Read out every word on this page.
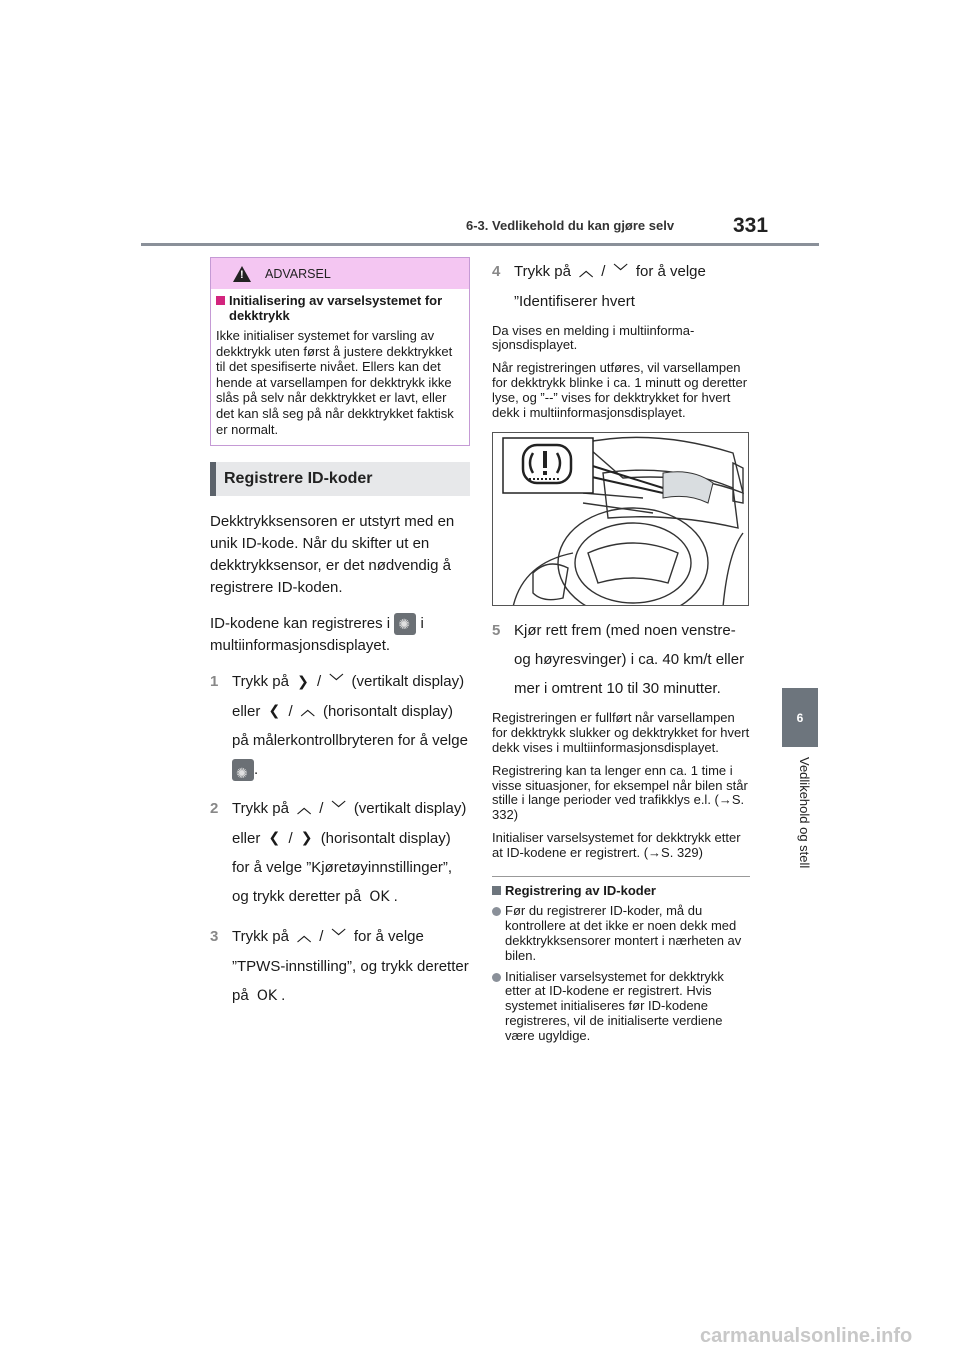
6-3. Vedlikehold du kan gjøre selv	331
6
Vedlikehold og stell
!
ADVARSEL
Initialisering av varselsystemet for dekktrykk
Ikke initialiser systemet for varsling av dekktrykk uten først å justere dekktrykket til det spesifiserte nivået. Ellers kan det hende at varsellampen for dekktrykk ikke slås på selv når dekktrykket er lavt, eller det kan slå seg på når dekktrykket faktisk er normalt.
Registrere ID-koder
Dekktrykksensoren er utstyrt med en unik ID-kode. Når du skifter ut en dekktrykksensor, er det nødvendig å registrere ID-koden.
ID-kodene kan registreres i ✺ i multiinformasjonsdisplayet.
1 Trykk på ❯ / ﹀ (vertikalt display) eller ❮ / ︿ (horisontalt display) på målerkontrollbryteren for å velge ✺.
2 Trykk på ︿ / ﹀ (vertikalt display) eller ❮ / ❯ (horisontalt display) for å velge ”Kjøretøyinnstillinger”, og trykk deretter på OK .
3 Trykk på ︿ / ﹀ for å velge ”TPWS-innstilling”, og trykk deretter på OK .
4 Trykk på ︿ / ﹀ for å velge ”Identifiserer hvert
Da vises en melding i multiinformasjonsdisplayet.
Når registreringen utføres, vil varsellampen for dekktrykk blinke i ca. 1 minutt og deretter lyse, og ”--” vises for dekktrykket for hvert dekk i multiinformasjonsdisplayet.
5 Kjør rett frem (med noen venstre- og høyresvinger) i ca. 40 km/t eller mer i omtrent 10 til 30 minutter.
Registreringen er fullført når varsellampen for dekktrykk slukker og dekktrykket for hvert dekk vises i multiinformasjonsdisplayet.
Registrering kan ta lenger enn ca. 1 time i visse situasjoner, for eksempel når bilen står stille i lange perioder ved trafikklys e.l. (→S. 332)
Initialiser varselsystemet for dekktrykk etter at ID-kodene er registrert. (→S. 329)
Registrering av ID-koder
Før du registrerer ID-koder, må du kontrollere at det ikke er noen dekk med dekktrykksensorer montert i nærheten av bilen.
Initialiser varselsystemet for dekktrykk etter at ID-kodene er registrert. Hvis systemet initialiseres før ID-kodene registreres, vil de initialiserte verdiene være ugyldige.
carmanualsonline.info
